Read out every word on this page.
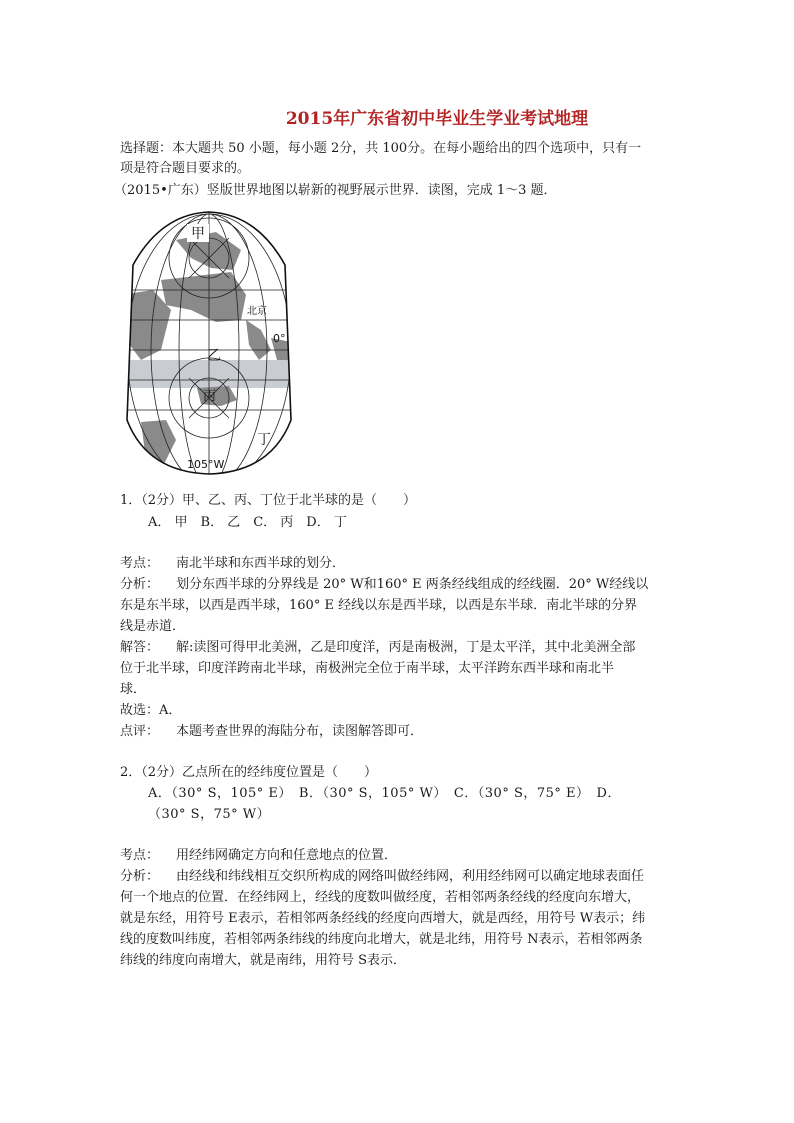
2015年广东省初中毕业生学业考试地理
选择题：本大题共 50 小题，每小题 2分，共 100分。在每小题给出的四个选项中，只有一
项是符合题目要求的。
（2015•广东）竖版世界地图以崭新的视野展示世界．读图，完成 1～3 题．
甲
乙
丙
丁
北京
0°
105°W
1．（2分）甲、乙、丙、丁位于北半球的是（　　）
A． 甲　B． 乙　C． 丙　D． 丁
考点： 南北半球和东西半球的划分．
分析： 划分东西半球的分界线是 20° W和160° E 两条经线组成的经线圈．20° W经线以
东是东半球，以西是西半球，160° E 经线以东是西半球，以西是东半球．南北半球的分界
线是赤道．
解答： 解:读图可得甲北美洲，乙是印度洋，丙是南极洲，丁是太平洋，其中北美洲全部
位于北半球，印度洋跨南北半球，南极洲完全位于南半球，太平洋跨东西半球和南北半
球．
故选：A．
点评： 本题考查世界的海陆分布，读图解答即可．
2．（2分）乙点所在的经纬度位置是（　　）
A．（30° S，105° E）　B．（30° S，105° W）　C．（30° S，75° E）　D．
（30° S，75° W）
考点： 用经纬网确定方向和任意地点的位置．
分析： 由经线和纬线相互交织所构成的网络叫做经纬网，利用经纬网可以确定地球表面任
何一个地点的位置．在经纬网上，经线的度数叫做经度，若相邻两条经线的经度向东增大，
就是东经，用符号 E表示，若相邻两条经线的经度向西增大，就是西经，用符号 W表示；纬
线的度数叫纬度，若相邻两条纬线的纬度向北增大，就是北纬，用符号 N表示，若相邻两条
纬线的纬度向南增大，就是南纬，用符号 S表示．
